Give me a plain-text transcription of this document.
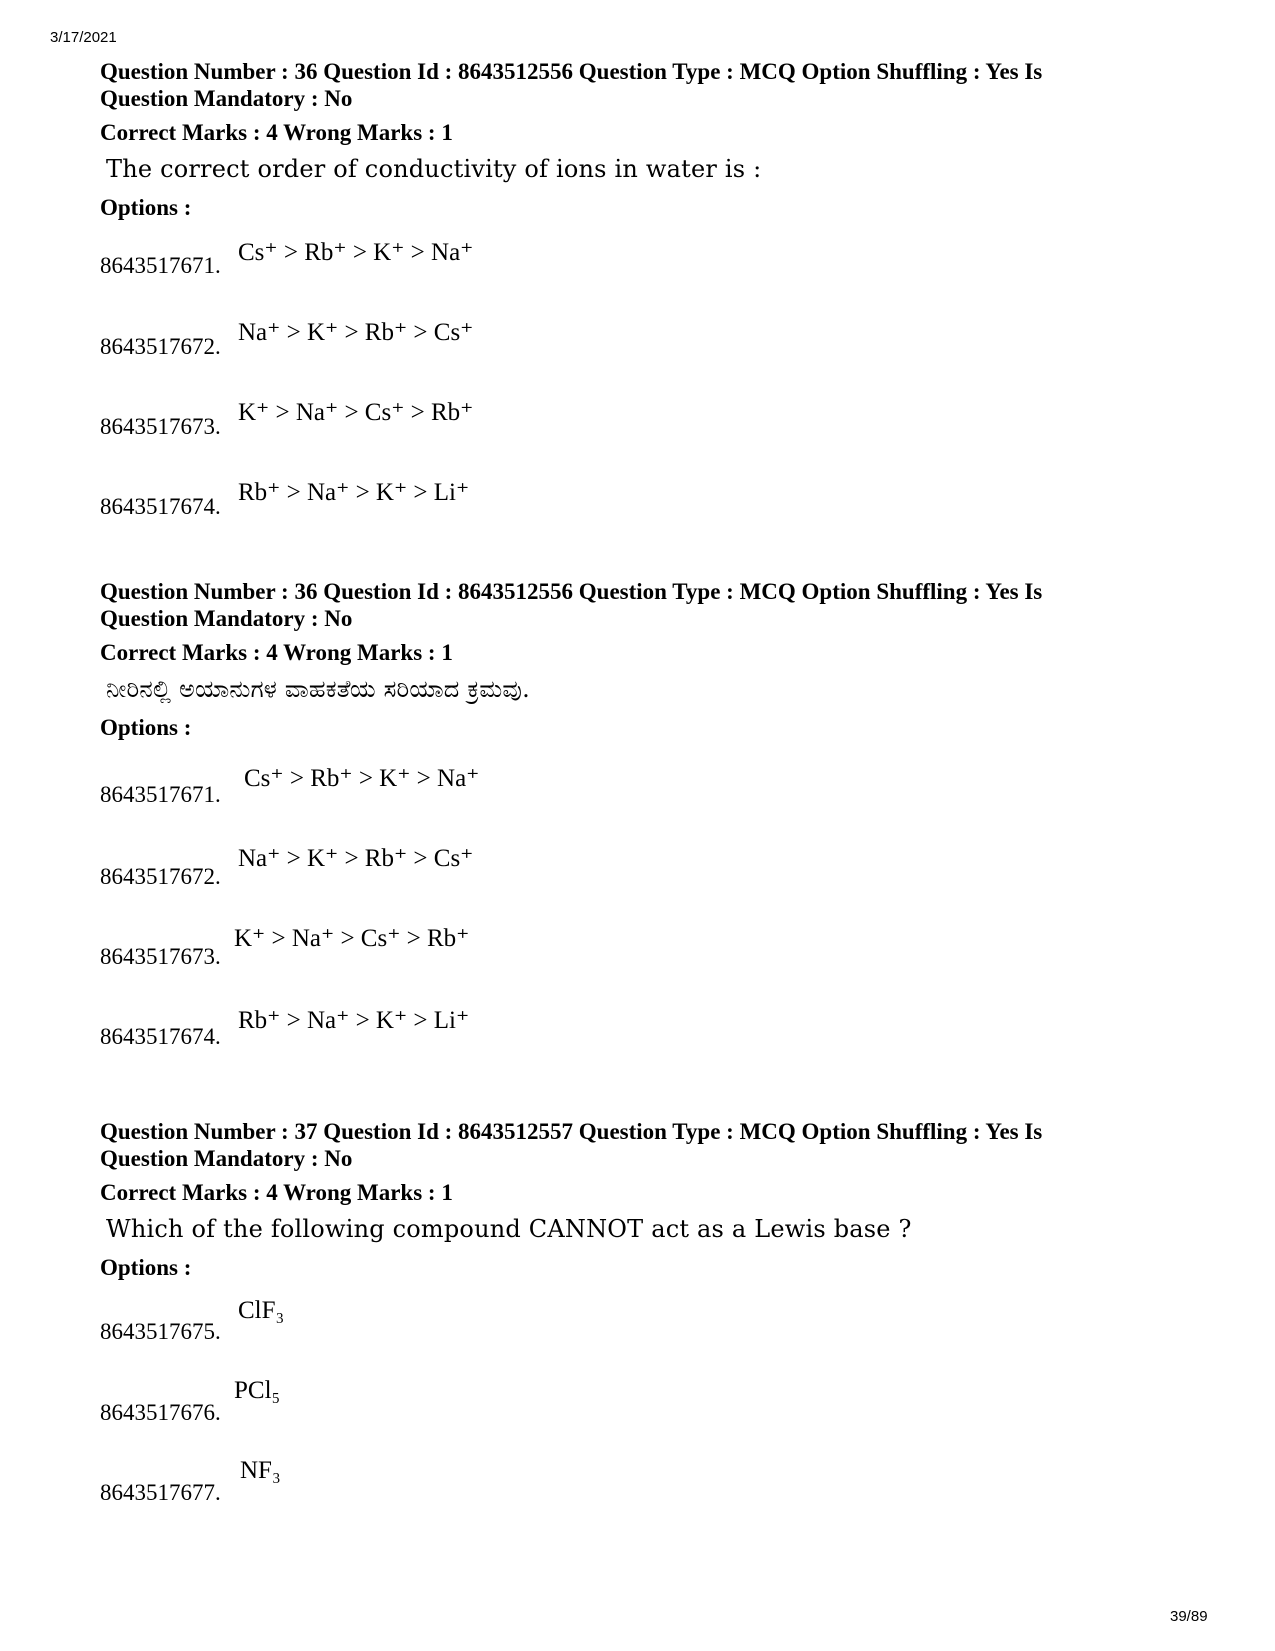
3/17/2021
Question Number : 36 Question Id : 8643512556 Question Type : MCQ Option Shuffling : Yes Is Question Mandatory : No
Correct Marks : 4 Wrong Marks : 1
The correct order of conductivity of ions in water is :
Options :
8643517671. Cs⁺ > Rb⁺ > K⁺ > Na⁺
8643517672.
Na⁺ > K⁺ > Rb⁺ > Cs⁺
8643517673.
K⁺ > Na⁺ > Cs⁺ > Rb⁺
8643517674.
Rb⁺ > Na⁺ > K⁺ > Li⁺
Question Number : 36 Question Id : 8643512556 Question Type : MCQ Option Shuffling : Yes Is Question Mandatory : No
Correct Marks : 4 Wrong Marks : 1
ನೀರಿನಲ್ಲಿ ಅಯಾನುಗಳ ವಾಹಕತೆಯ ಸರಿಯಾದ ಕ್ರಮವು.
Options :
8643517671.
Cs⁺ > Rb⁺ > K⁺ > Na⁺
8643517672.
Na⁺ > K⁺ > Rb⁺ > Cs⁺
8643517673.
K⁺ > Na⁺ > Cs⁺ > Rb⁺
8643517674.
Rb⁺ > Na⁺ > K⁺ > Li⁺
Question Number : 37 Question Id : 8643512557 Question Type : MCQ Option Shuffling : Yes Is Question Mandatory : No
Correct Marks : 4 Wrong Marks : 1
Which of the following compound CANNOT act as a Lewis base ?
Options :
8643517675.
ClF₃
8643517676.
PCl₅
8643517677.
NF₃
39/89
